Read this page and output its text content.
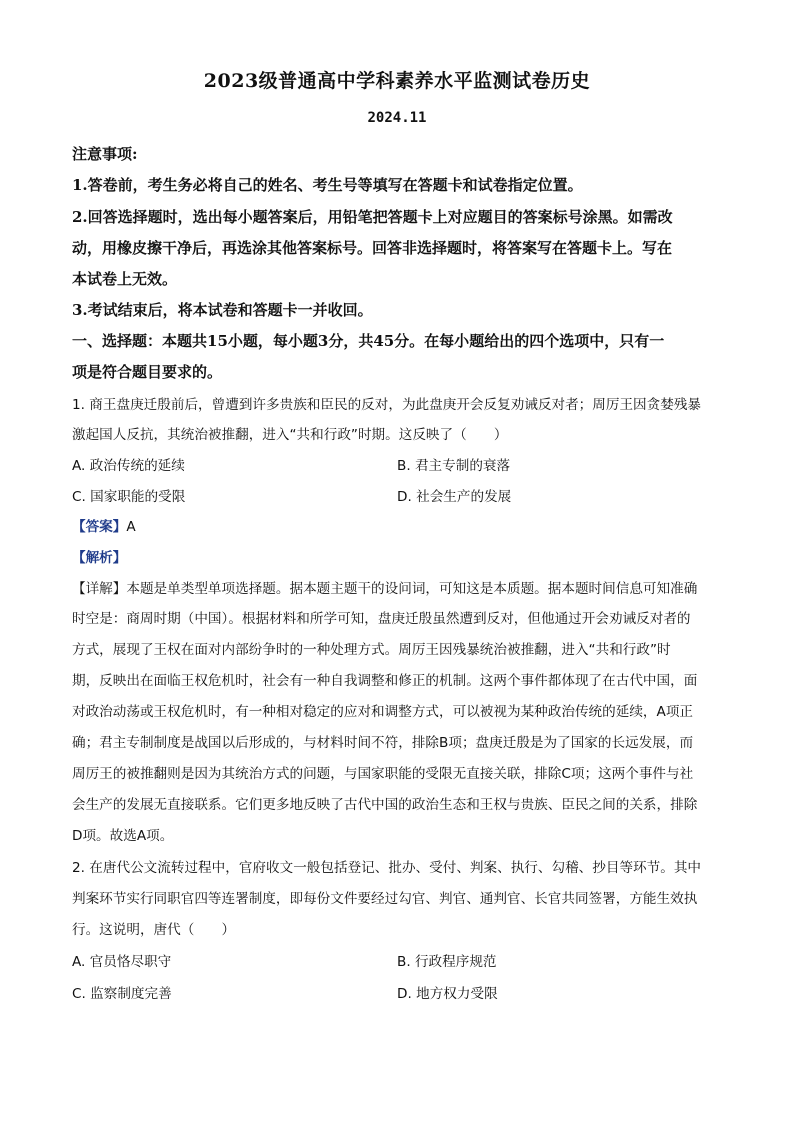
2023级普通高中学科素养水平监测试卷历史
2024.11
注意事项:
1.答卷前，考生务必将自己的姓名、考生号等填写在答题卡和试卷指定位置。
2.回答选择题时，选出每小题答案后，用铅笔把答题卡上对应题目的答案标号涂黑。如需改
动，用橡皮擦干净后，再选涂其他答案标号。回答非选择题时，将答案写在答题卡上。写在
本试卷上无效。
3.考试结束后，将本试卷和答题卡一并收回。
一、选择题：本题共15小题，每小题3分，共45分。在每小题给出的四个选项中，只有一
项是符合题目要求的。
1. 商王盘庚迁殷前后，曾遭到许多贵族和臣民的反对，为此盘庚开会反复劝诫反对者；周厉王因贪婪残暴
激起国人反抗，其统治被推翻，进入“共和行政”时期。这反映了（　　）
A. 政治传统的延续	B. 君主专制的衰落
C. 国家职能的受限	D. 社会生产的发展
【答案】A
【解析】
【详解】本题是单类型单项选择题。据本题主题干的设问词，可知这是本质题。据本题时间信息可知准确
时空是：商周时期（中国）。根据材料和所学可知，盘庚迁殷虽然遭到反对，但他通过开会劝诫反对者的
方式，展现了王权在面对内部纷争时的一种处理方式。周厉王因残暴统治被推翻，进入“共和行政”时
期，反映出在面临王权危机时，社会有一种自我调整和修正的机制。这两个事件都体现了在古代中国，面
对政治动荡或王权危机时，有一种相对稳定的应对和调整方式，可以被视为某种政治传统的延续，A项正
确；君主专制制度是战国以后形成的，与材料时间不符，排除B项；盘庚迁殷是为了国家的长远发展，而
周厉王的被推翻则是因为其统治方式的问题，与国家职能的受限无直接关联，排除C项；这两个事件与社
会生产的发展无直接联系。它们更多地反映了古代中国的政治生态和王权与贵族、臣民之间的关系，排除
D项。故选A项。
2. 在唐代公文流转过程中，官府收文一般包括登记、批办、受付、判案、执行、勾稽、抄目等环节。其中
判案环节实行同职官四等连署制度，即每份文件要经过勾官、判官、通判官、长官共同签署，方能生效执
行。这说明，唐代（　　）
A. 官员恪尽职守	B. 行政程序规范
C. 监察制度完善	D. 地方权力受限
